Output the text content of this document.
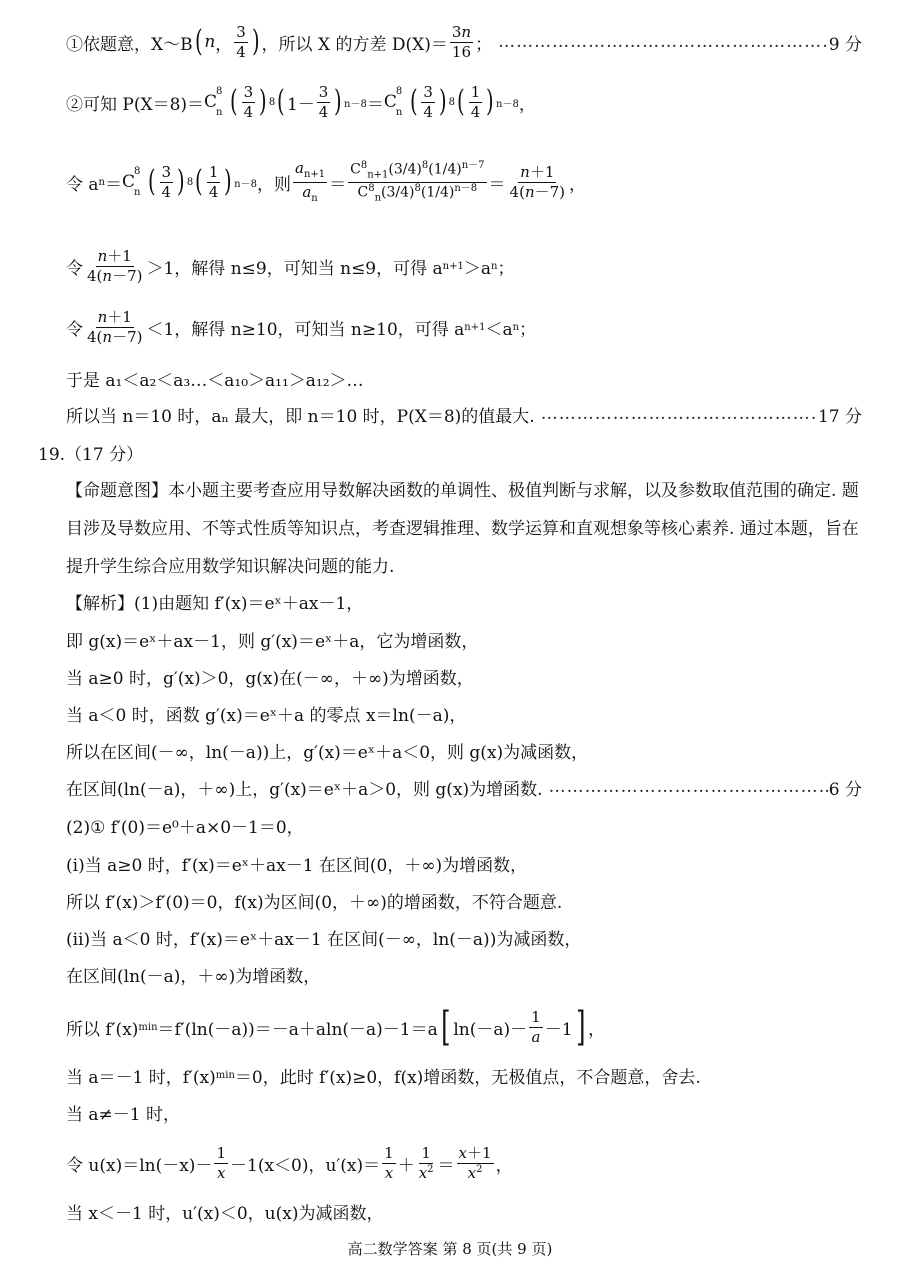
①依题意， X～B ( n ， $\frac{3}{4}$ ) ，所以 X 的方差 $D(X)= \frac{3n}{16}$ ； …………………………………………………………………………………………………………………………………	9 分
②可知 P(X＝8)＝ C
8
n
( $\frac{3}{4}$ ) 8 ( $1- \frac{3}{4}$ ) n－8 ＝ C
8
n
( $\frac{3}{4}$ ) 8 ( $\frac{1}{4}$ ) n－8 ，
令 a n ＝ C
8
n
( $\frac{3}{4}$ ) 8 ( $\frac{1}{4}$ ) n－8 ，则 $\frac{a_{n+1}}{a_n} = \frac{C^8_{n+1}(3/4)^8(1/4)^{n-7}}{C^8_n(3/4)^8(1/4)^{n-8}} = \frac{n+1}{4(n-7)}$ ，
令 $\frac{n+1}{4(n-7)} >1$，解得 n≤9，可知当 n≤9，可得 a n+1 ＞a n ；
令 $\frac{n+1}{4(n-7)} <1$，解得 n≥10，可知当 n≥10，可得 a n+1 ＜a n ；
于是 a₁＜a₂＜a₃…＜a₁₀＞a₁₁＞a₁₂＞…
所以当 n＝10 时，aₙ 最大，即 n＝10 时，P(X＝8)的值最大. …………………………………………………………………………………………………………………………………	17 分
19.（17 分）
【命题意图】本小题主要考查应用导数解决函数的单调性、极值判断与求解，以及参数取值范围的确定. 题目涉及导数应用、不等式性质等知识点，考查逻辑推理、数学运算和直观想象等核心素养. 通过本题，旨在提升学生综合应用数学知识解决问题的能力.
【解析】(1)由题知 f′(x)＝eˣ＋ax－1，
即 g(x)＝eˣ＋ax－1，则 g′(x)＝eˣ＋a，它为增函数，
当 a≥0 时，g′(x)＞0，g(x)在(－∞，＋∞)为增函数，
当 a＜0 时，函数 g′(x)＝eˣ＋a 的零点 x＝ln(－a)，
所以在区间(－∞，ln(－a))上，g′(x)＝eˣ＋a＜0，则 g(x)为减函数，
在区间(ln(－a)，＋∞)上，g′(x)＝eˣ＋a＞0，则 g(x)为增函数. …………………………………………………………………………………………………………………………………	6 分
(2)① f′(0)＝e⁰＋a×0－1＝0，
(ⅰ)当 a≥0 时，f′(x)＝eˣ＋ax－1 在区间(0，＋∞)为增函数，
所以 f′(x)＞f′(0)＝0，f(x)为区间(0，＋∞)的增函数，不符合题意.
(ⅱ)当 a＜0 时，f′(x)＝eˣ＋ax－1 在区间(－∞，ln(－a))为减函数，
在区间(ln(－a)，＋∞)为增函数，
所以 f′(x) min ＝f′(ln(－a))＝－a＋aln(－a)－1＝a [ $\ln(-a)- \frac{1}{a} -1$ ] ，
当 a＝－1 时，f′(x) min ＝0，此时 f′(x)≥0，f(x)增函数，无极值点，不合题意，舍去.
当 a≠－1 时，
令 $u(x)=\ln(-x)- \frac{1}{x} -1(x<0)$，$u'(x)= \frac{1}{x} + \frac{1}{x^2} = \frac{x+1}{x^2}$ ，
当 x＜－1 时，u′(x)＜0，u(x)为减函数，
高二数学答案 第 8 页(共 9 页)
